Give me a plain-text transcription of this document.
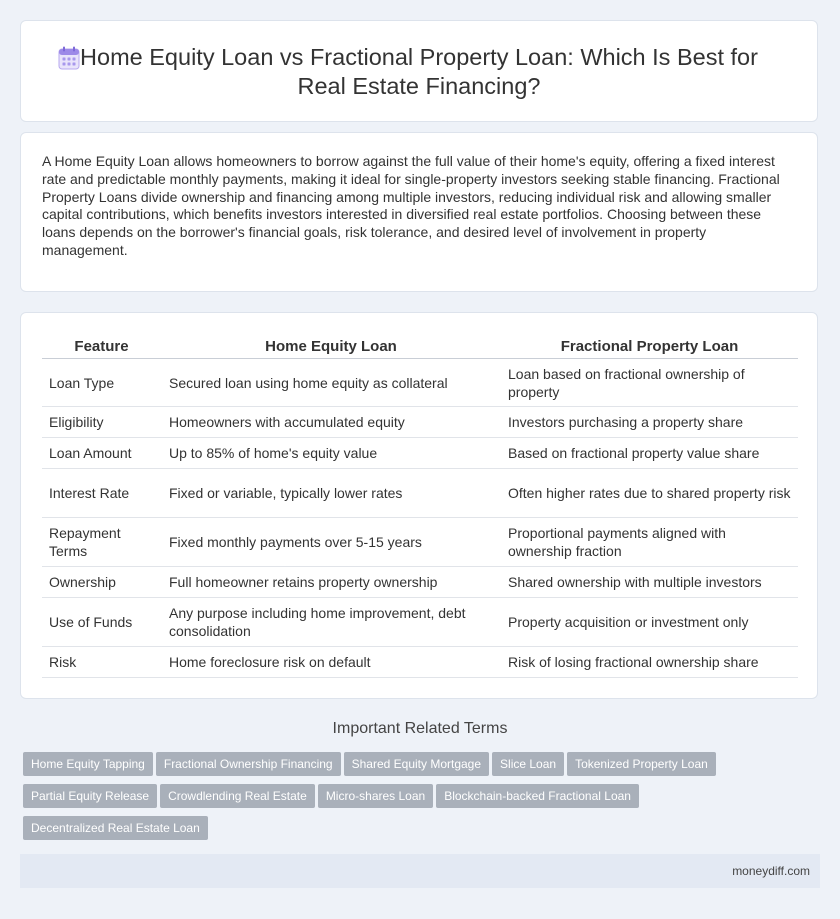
Home Equity Loan vs Fractional Property Loan: Which Is Best for Real Estate Financing?

A Home Equity Loan allows homeowners to borrow against the full value of their home's equity, offering a fixed interest rate and predictable monthly payments, making it ideal for single-property investors seeking stable financing. Fractional Property Loans divide ownership and financing among multiple investors, reducing individual risk and allowing smaller capital contributions, which benefits investors interested in diversified real estate portfolios. Choosing between these loans depends on the borrower's financial goals, risk tolerance, and desired level of involvement in property management.

Feature	Home Equity Loan	Fractional Property Loan
Loan Type	Secured loan using home equity as collateral	Loan based on fractional ownership of property
Eligibility	Homeowners with accumulated equity	Investors purchasing a property share
Loan Amount	Up to 85% of home's equity value	Based on fractional property value share
Interest Rate	Fixed or variable, typically lower rates	Often higher rates due to shared property risk
Repayment Terms	Fixed monthly payments over 5-15 years	Proportional payments aligned with ownership fraction
Ownership	Full homeowner retains property ownership	Shared ownership with multiple investors
Use of Funds	Any purpose including home improvement, debt consolidation	Property acquisition or investment only
Risk	Home foreclosure risk on default	Risk of losing fractional ownership share
Important Related Terms
Home Equity Tapping Fractional Ownership Financing Shared Equity Mortgage Slice Loan Tokenized Property Loan
Partial Equity Release Crowdlending Real Estate Micro-shares Loan Blockchain-backed Fractional Loan
Decentralized Real Estate Loan
moneydiff.com
